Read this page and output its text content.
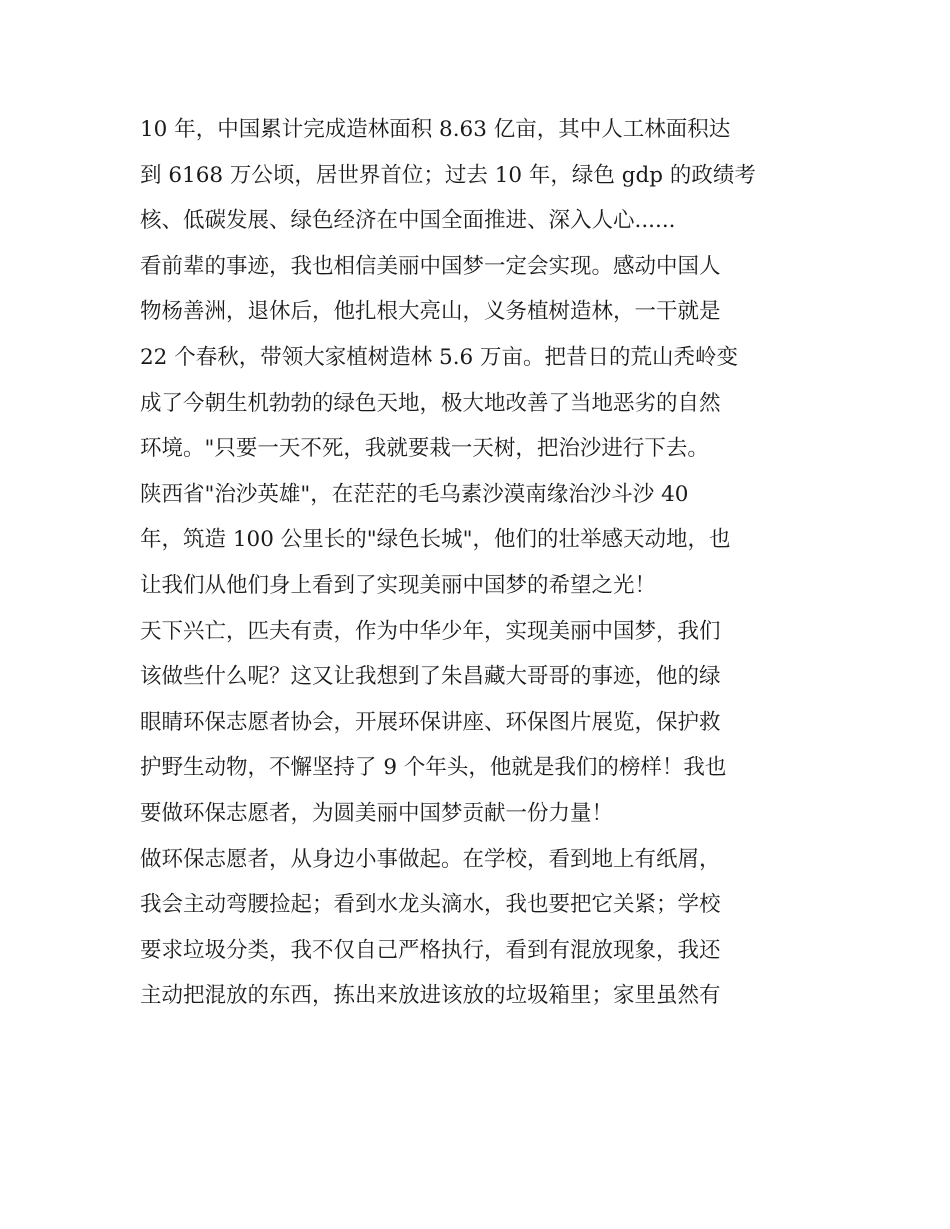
10 年，中国累计完成造林面积 8.63 亿亩，其中人工林面积达
到 6168 万公顷，居世界首位；过去 10 年，绿色 gdp 的政绩考
核、低碳发展、绿色经济在中国全面推进、深入人心......
看前辈的事迹，我也相信美丽中国梦一定会实现。感动中国人
物杨善洲，退休后，他扎根大亮山，义务植树造林，一干就是
22 个春秋，带领大家植树造林 5.6 万亩。把昔日的荒山秃岭变
成了今朝生机勃勃的绿色天地，极大地改善了当地恶劣的自然
环境。"只要一天不死，我就要栽一天树，把治沙进行下去。
陕西省"治沙英雄"，在茫茫的毛乌素沙漠南缘治沙斗沙 40
年，筑造 100 公里长的"绿色长城"，他们的壮举感天动地，也
让我们从他们身上看到了实现美丽中国梦的希望之光！
天下兴亡，匹夫有责，作为中华少年，实现美丽中国梦，我们
该做些什么呢？这又让我想到了朱昌藏大哥哥的事迹，他的绿
眼睛环保志愿者协会，开展环保讲座、环保图片展览，保护救
护野生动物，不懈坚持了 9 个年头，他就是我们的榜样！我也
要做环保志愿者，为圆美丽中国梦贡献一份力量！
做环保志愿者，从身边小事做起。在学校，看到地上有纸屑，
我会主动弯腰捡起；看到水龙头滴水，我也要把它关紧；学校
要求垃圾分类，我不仅自己严格执行，看到有混放现象，我还
主动把混放的东西，拣出来放进该放的垃圾箱里；家里虽然有
